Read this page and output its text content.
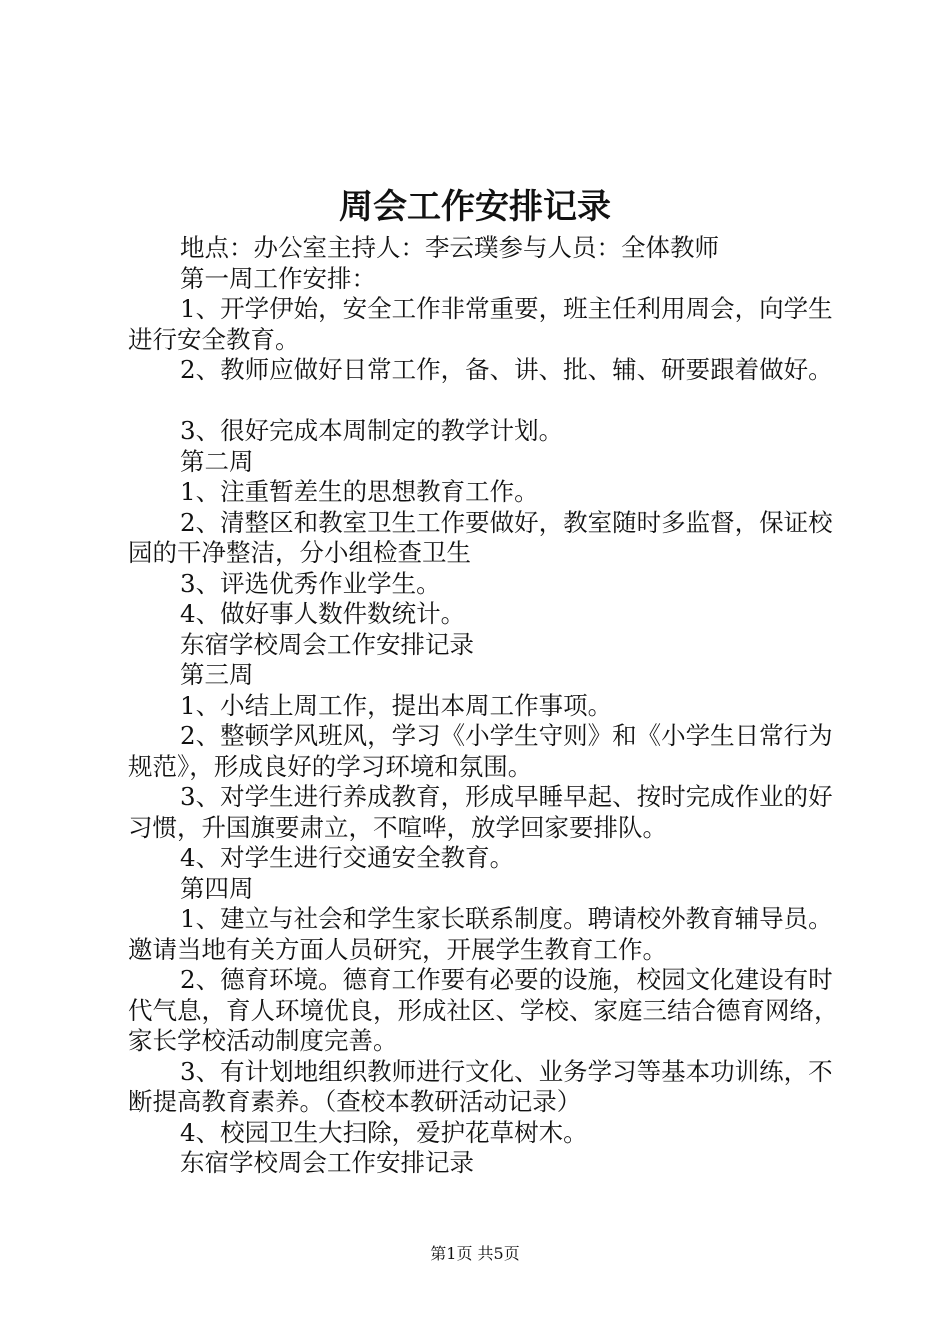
周会工作安排记录

地点：办公室主持人：李云璞参与人员：全体教师

第一周工作安排：

1、开学伊始，安全工作非常重要，班主任利用周会，向学生进行安全教育。

2、教师应做好日常工作，备、讲、批、辅、研要跟着做好。

3、很好完成本周制定的教学计划。

第二周

1、注重暂差生的思想教育工作。

2、清整区和教室卫生工作要做好，教室随时多监督，保证校园的干净整洁，分小组检查卫生

3、评选优秀作业学生。

4、做好事人数件数统计。

东宿学校周会工作安排记录

第三周

1、小结上周工作，提出本周工作事项。

2、整顿学风班风，学习《小学生守则》和《小学生日常行为规范》，形成良好的学习环境和氛围。

3、对学生进行养成教育，形成早睡早起、按时完成作业的好习惯，升国旗要肃立，不喧哗，放学回家要排队。

4、对学生进行交通安全教育。

第四周

1、建立与社会和学生家长联系制度。聘请校外教育辅导员。邀请当地有关方面人员研究，开展学生教育工作。

2、德育环境。德育工作要有必要的设施，校园文化建设有时代气息，育人环境优良，形成社区、学校、家庭三结合德育网络，家长学校活动制度完善。

3、有计划地组织教师进行文化、业务学习等基本功训练，不断提高教育素养。（查校本教研活动记录）

4、校园卫生大扫除，爱护花草树木。

东宿学校周会工作安排记录

第1页 共5页
